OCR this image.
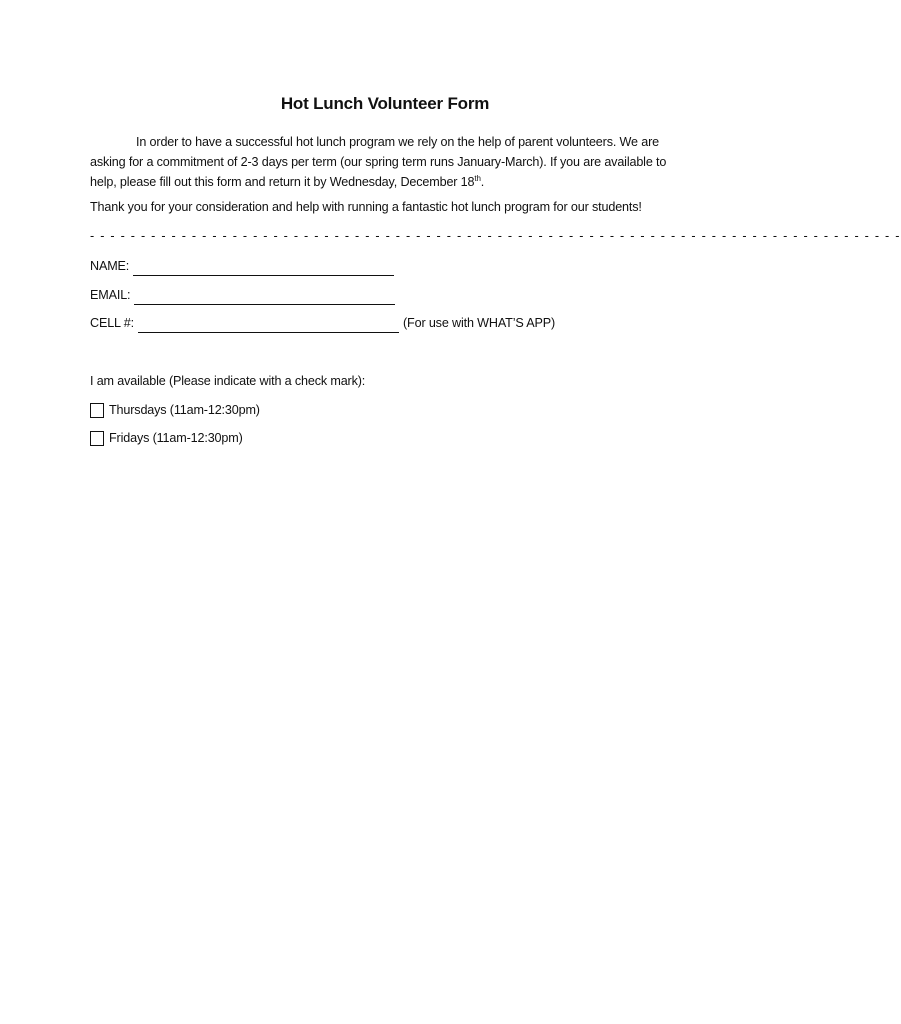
Hot Lunch Volunteer Form
In order to have a successful hot lunch program we rely on the help of parent volunteers. We are asking for a commitment of 2-3 days per term (our spring term runs January-March). If you are available to help, please fill out this form and return it by Wednesday, December 18th.
Thank you for your consideration and help with running a fantastic hot lunch program for our students!
- - - - - - - - - - - - - - - - - - - - - - - - - - - - - - - - - - - - - - - - - - - - - - - - - - - - - - - - - - - - - - - - - - - - - - - - - - - - - - - -
NAME:
EMAIL:
CELL #:	(For use with WHAT’S APP)
I am available (Please indicate with a check mark):
Thursdays (11am-12:30pm)
Fridays (11am-12:30pm)
